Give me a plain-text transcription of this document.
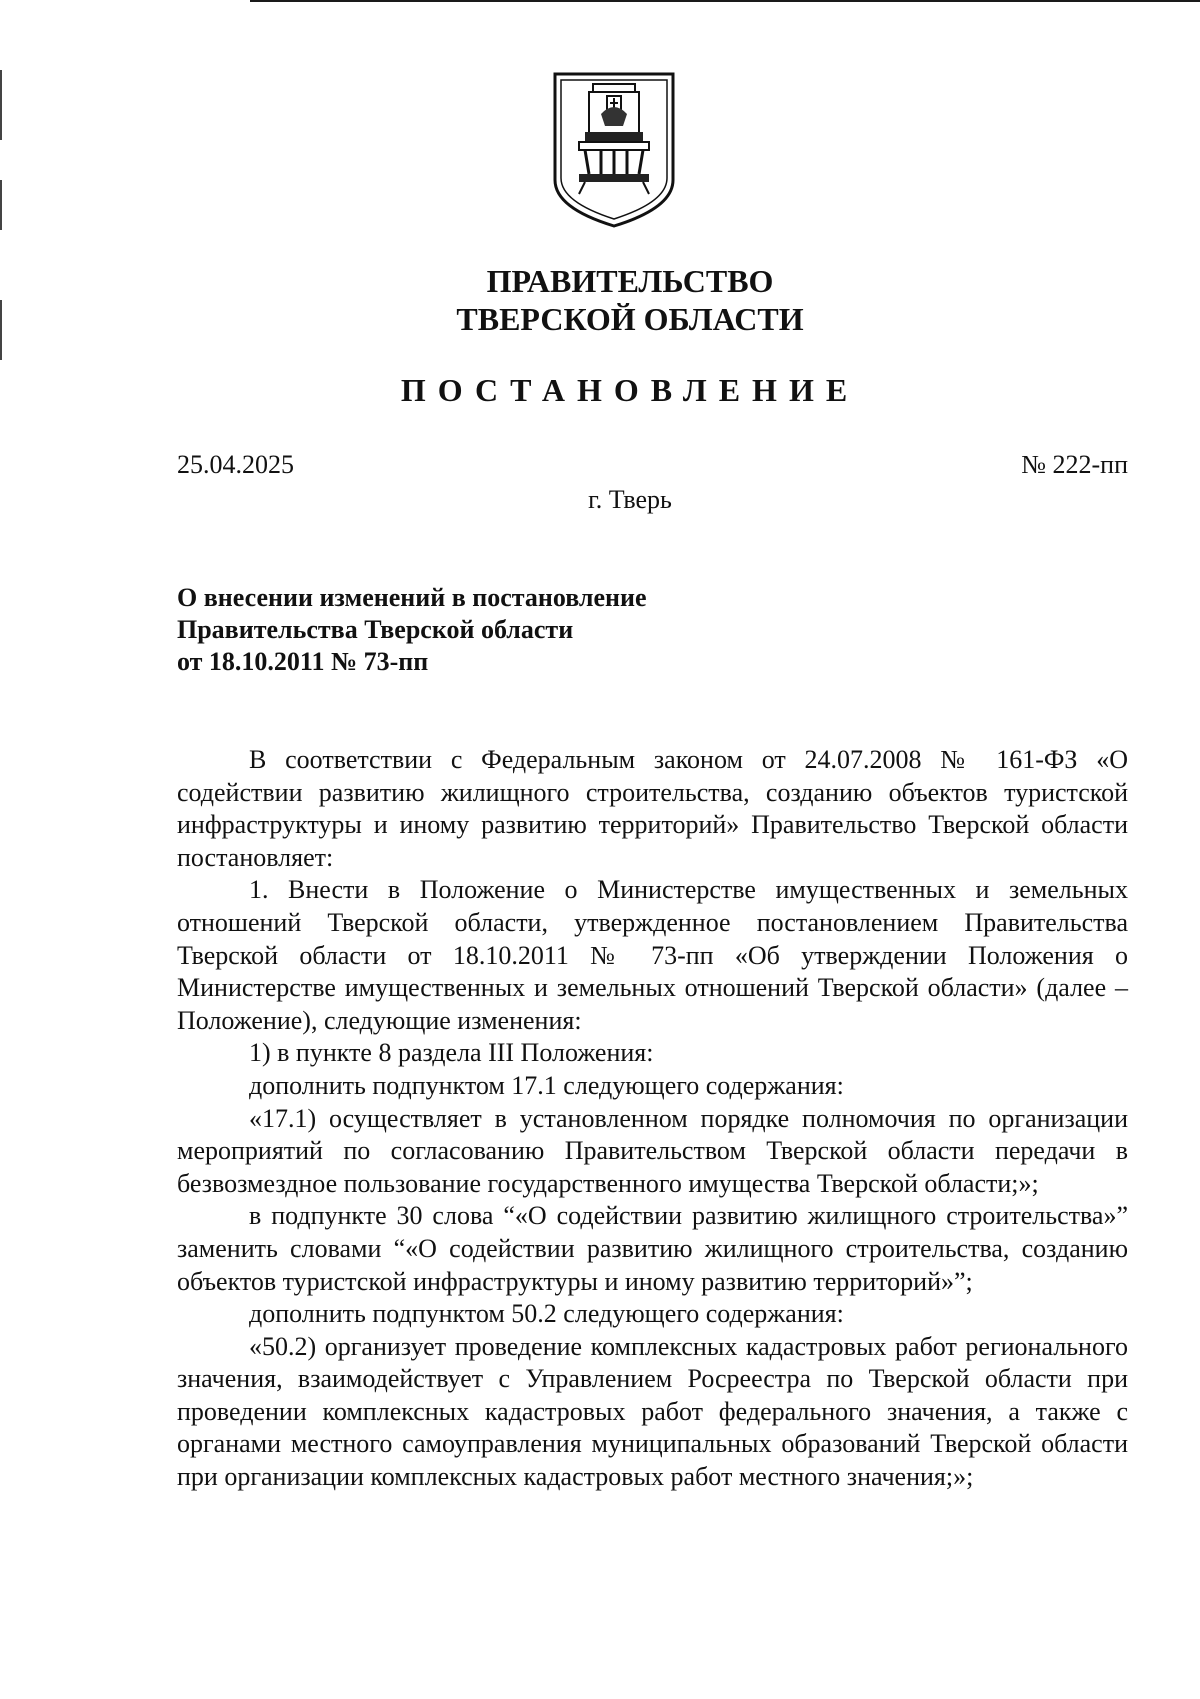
ПРАВИТЕЛЬСТВО
ТВЕРСКОЙ ОБЛАСТИ
ПОСТАНОВЛЕНИЕ
25.04.2025	№ 222-пп
г. Тверь
О внесении изменений в постановление
Правительства Тверской области
от 18.10.2011 № 73-пп

В соответствии с Федеральным законом от 24.07.2008 № 161-ФЗ «О содействии развитию жилищного строительства, созданию объектов туристской инфраструктуры и иному развитию территорий» Правительство Тверской области постановляет:

1. Внести в Положение о Министерстве имущественных и земельных отношений Тверской области, утвержденное постановлением Правительства Тверской области от 18.10.2011 № 73-пп «Об утверждении Положения о Министерстве имущественных и земельных отношений Тверской области» (далее – Положение), следующие изменения:

1) в пункте 8 раздела III Положения:

дополнить подпунктом 17.1 следующего содержания:

«17.1) осуществляет в установленном порядке полномочия по организации мероприятий по согласованию Правительством Тверской области передачи в безвозмездное пользование государственного имущества Тверской области;»;

в подпункте 30 слова “«О содействии развитию жилищного строительства»” заменить словами “«О содействии развитию жилищного строительства, созданию объектов туристской инфраструктуры и иному развитию территорий»”;

дополнить подпунктом 50.2 следующего содержания:

«50.2) организует проведение комплексных кадастровых работ регионального значения, взаимодействует с Управлением Росреестра по Тверской области при проведении комплексных кадастровых работ федерального значения, а также с органами местного самоуправления муниципальных образований Тверской области при организации комплексных кадастровых работ местного значения;»;
